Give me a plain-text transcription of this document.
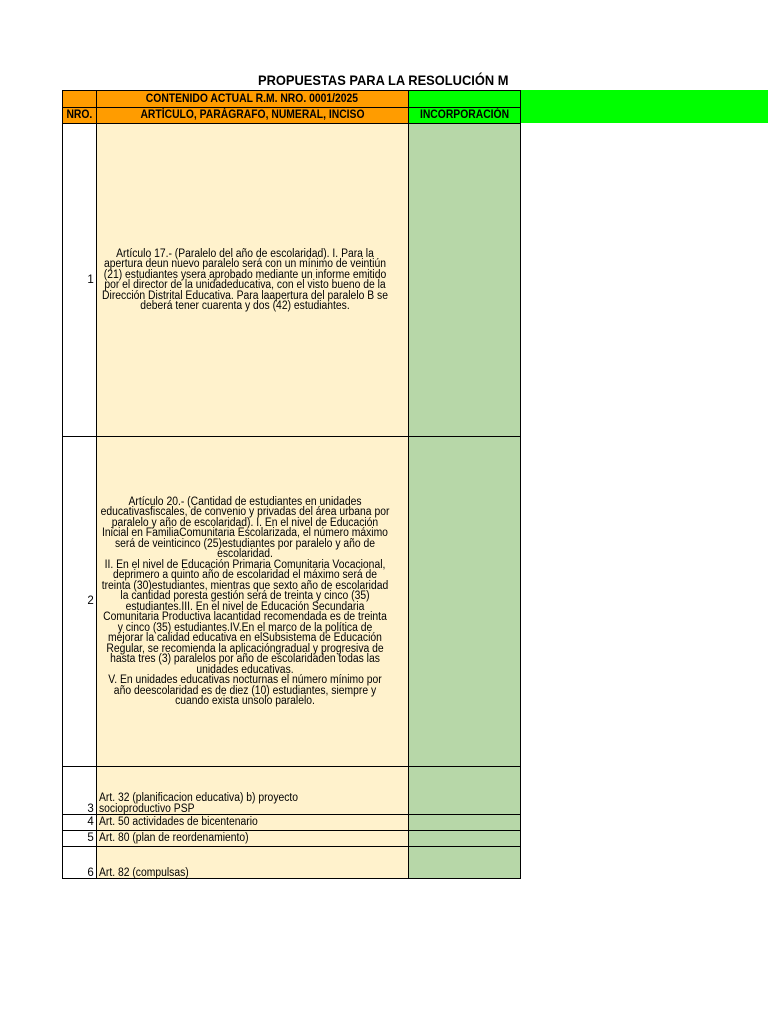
PROPUESTAS PARA LA RESOLUCIÓN M
	CONTENIDO ACTUAL R.M. NRO. 0001/2025	
NRO.	ARTÍCULO, PARÁGRAFO, NUMERAL, INCISO	INCORPORACIÓN
1	Artículo 17.- (Paralelo del año de escolaridad). I. Para la apertura deun nuevo paralelo será con un mínimo de veintiún (21) estudiantes ysera aprobado mediante un informe emitido por el director de la unidadeducativa, con el visto bueno de la Dirección Distrital Educativa. Para laapertura del paralelo B se deberá tener cuarenta y dos (42) estudiantes.	
2	Artículo 20.- (Cantidad de estudiantes en unidades educativasfiscales, de convenio y privadas del área urbana por paralelo y año de escolaridad). I. En el nivel de Educación Inicial en FamiliaComunitaria Escolarizada, el número máximo será de veinticinco (25)estudiantes por paralelo y año de escolaridad.
II. En el nivel de Educación Primaria Comunitaria Vocacional, deprimero a quinto año de escolaridad el máximo será de treinta (30)estudiantes, mientras que sexto año de escolaridad la cantidad poresta gestión será de treinta y cinco (35) estudiantes.III. En el nivel de Educación Secundaria Comunitaria Productiva lacantidad recomendada es de treinta y cinco (35) estudiantes.IV.En el marco de la política de mejorar la calidad educativa en elSubsistema de Educación Regular, se recomienda la aplicacióngradual y progresiva de hasta tres (3) paralelos por año de escolaridaden todas las unidades educativas.
V. En unidades educativas nocturnas el número mínimo por año deescolaridad es de diez (10) estudiantes, siempre y cuando exista unsolo paralelo.	
3	Art. 32 (planificacion educativa) b) proyecto socioproductivo PSP	
4	Art. 50 actividades de bicentenario	
5	Art. 80 (plan de reordenamiento)	
6	Art. 82 (compulsas)	
